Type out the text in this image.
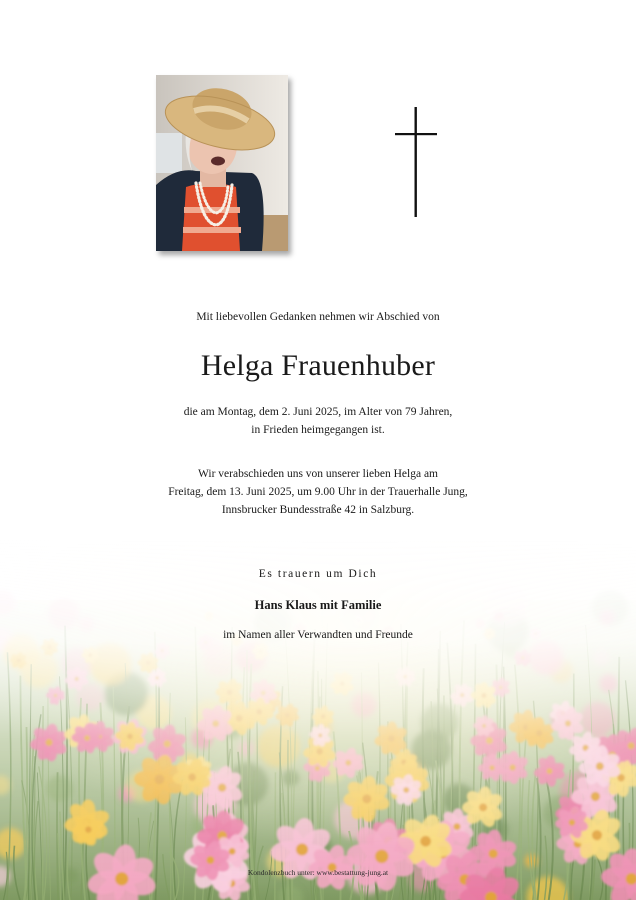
Mit liebevollen Gedanken nehmen wir Abschied von
Helga Frauenhuber
die am Montag, dem 2. Juni 2025, im Alter von 79 Jahren,
in Frieden heimgegangen ist.
Wir verabschieden uns von unserer lieben Helga am
Freitag, dem 13. Juni 2025, um 9.00 Uhr in der Trauerhalle Jung,
Innsbrucker Bundesstraße 42 in Salzburg.
Es trauern um Dich
Hans Klaus mit Familie
im Namen aller Verwandten und Freunde
Kondolenzbuch unter: www.bestattung-jung.at
